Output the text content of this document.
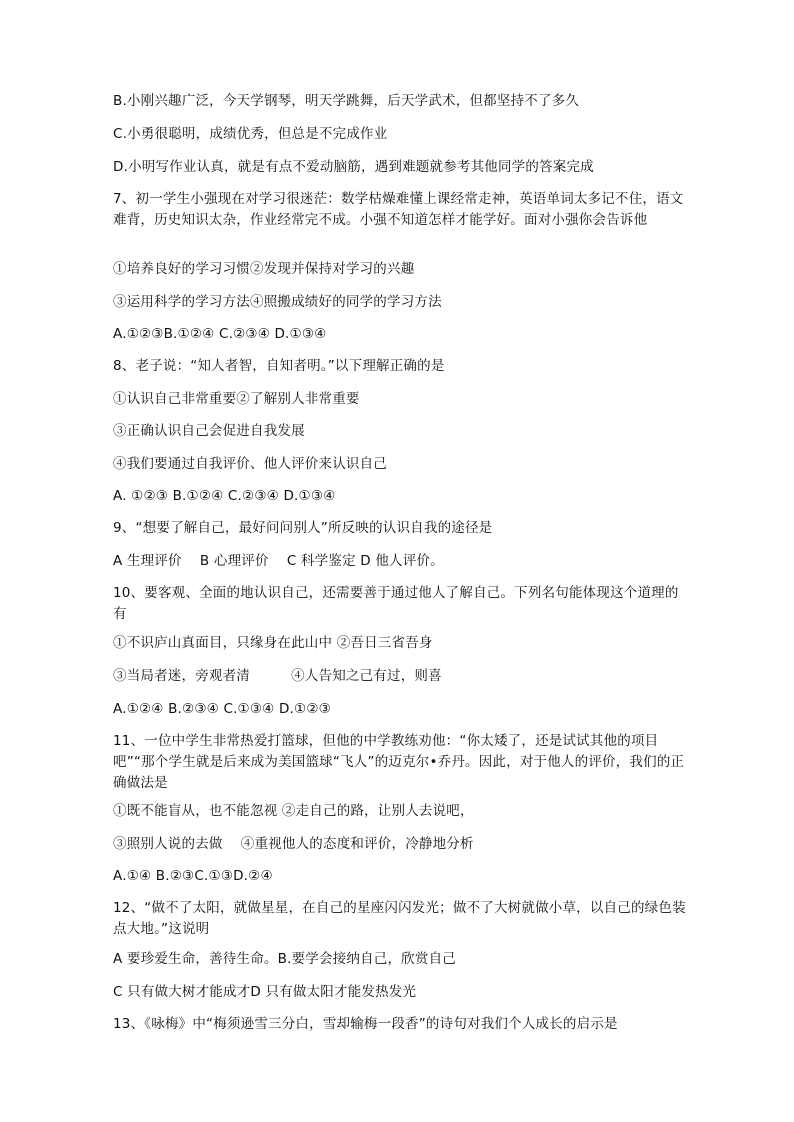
B.小刚兴趣广泛，今天学钢琴，明天学跳舞，后天学武术，但都坚持不了多久
C.小勇很聪明，成绩优秀，但总是不完成作业
D.小明写作业认真，就是有点不爱动脑筋，遇到难题就参考其他同学的答案完成
7、初一学生小强现在对学习很迷茫：数学枯燥难懂上课经常走神，英语单词太多记不住，语文难背，历史知识太杂，作业经常完不成。小强不知道怎样才能学好。面对小强你会告诉他
①培养良好的学习习惯②发现并保持对学习的兴趣
③运用科学的学习方法④照搬成绩好的同学的学习方法
A.①②③B.①②④ C.②③④ D.①③④
8、老子说：“知人者智，自知者明。”以下理解正确的是
①认识自己非常重要②了解别人非常重要
③正确认识自己会促进自我发展
④我们要通过自我评价、他人评价来认识自己
A. ①②③ B.①②④ C.②③④ D.①③④
9、“想要了解自己，最好问问别人”所反映的认识自我的途径是
A 生理评价　 B 心理评价　 C 科学鉴定 D 他人评价。
10、要客观、全面的地认识自己，还需要善于通过他人了解自己。下列名句能体现这个道理的有
①不识庐山真面目，只缘身在此山中 ②吾日三省吾身
③当局者迷，旁观者清　　　④人告知之己有过，则喜
A.①②④ B.②③④ C.①③④ D.①②③
11、一位中学生非常热爱打篮球，但他的中学教练劝他：“你太矮了，还是试试其他的项目吧”“那个学生就是后来成为美国篮球“飞人”的迈克尔•乔丹。因此，对于他人的评价，我们的正确做法是
①既不能盲从，也不能忽视 ②走自己的路，让别人去说吧，
③照别人说的去做　 ④重视他人的态度和评价，冷静地分析
A.①④ B.②③C.①③D.②④
12、“做不了太阳，就做星星，在自己的星座闪闪发光；做不了大树就做小草，以自己的绿色装点大地。”这说明
A 要珍爱生命，善待生命。B.要学会接纳自己，欣赏自己
C 只有做大树才能成才D 只有做太阳才能发热发光
13、《咏梅》中“梅须逊雪三分白，雪却输梅一段香”的诗句对我们个人成长的启示是
